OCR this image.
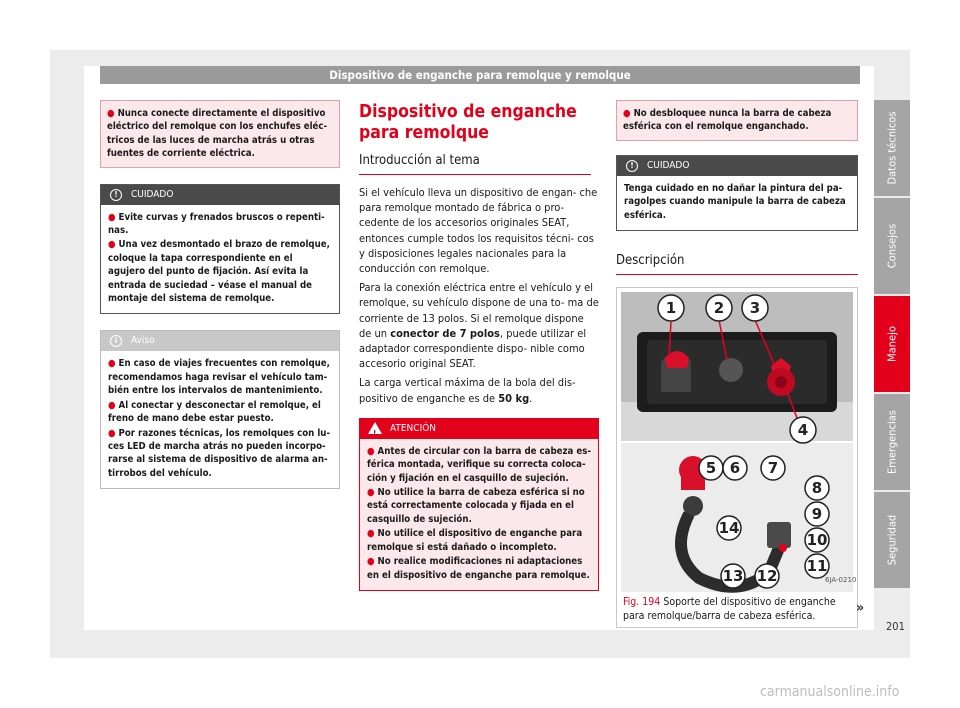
Dispositivo de enganche para remolque y remolque
● Nunca conecte directamente el dispositivo eléctrico del remolque con los enchufes eléc- tricos de las luces de marcha atrás u otras fuentes de corriente eléctrica.
!	CUIDADO

● Evite curvas y frenados bruscos o repenti- nas.

● Una vez desmontado el brazo de remolque, coloque la tapa correspondiente en el agujero del punto de fijación. Así evita la entrada de suciedad – véase el manual de montaje del sistema de remolque.

i	Aviso

● En caso de viajes frecuentes con remolque, recomendamos haga revisar el vehículo tam- bién entre los intervalos de mantenimiento.

● Al conectar y desconectar el remolque, el freno de mano debe estar puesto.

● Por razones técnicas, los remolques con lu- ces LED de marcha atrás no pueden incorpo- rarse al sistema de dispositivo de alarma an- tirrobos del vehículo.

Dispositivo de enganche para remolque
Introducción al tema

Si el vehículo lleva un dispositivo de engan- che para remolque montado de fábrica o pro- cedente de los accesorios originales SEAT, entonces cumple todos los requisitos técni- cos y disposiciones legales nacionales para la conducción con remolque.

Para la conexión eléctrica entre el vehículo y el remolque, su vehículo dispone de una to- ma de corriente de 13 polos. Si el remolque dispone de un conector de 7 polos, puede utilizar el adaptador correspondiente dispo- nible como accesorio original SEAT.

La carga vertical máxima de la bola del dis- positivo de enganche es de 50 kg.

! ATENCIÓN

● Antes de circular con la barra de cabeza es- férica montada, verifique su correcta coloca- ción y fijación en el casquillo de sujeción.

● No utilice la barra de cabeza esférica si no está correctamente colocada y fijada en el casquillo de sujeción.

● No utilice el dispositivo de enganche para remolque si está dañado o incompleto.

● No realice modificaciones ni adaptaciones en el dispositivo de enganche para remolque.

● No desbloquee nunca la barra de cabeza esférica con el remolque enganchado.
!	CUIDADO

Tenga cuidado en no dañar la pintura del pa- ragolpes cuando manipule la barra de cabeza esférica.

Descripción
6JA-0210
1	2 3
4
5 6 7
8
9
10
11
12
13
14
Fig. 194 Soporte del dispositivo de enganche para remolque/barra de cabeza esférica.	»
Datos técnicos
Consejos
Manejo
Emergencias
Seguridad
201
carmanualsonline.info
